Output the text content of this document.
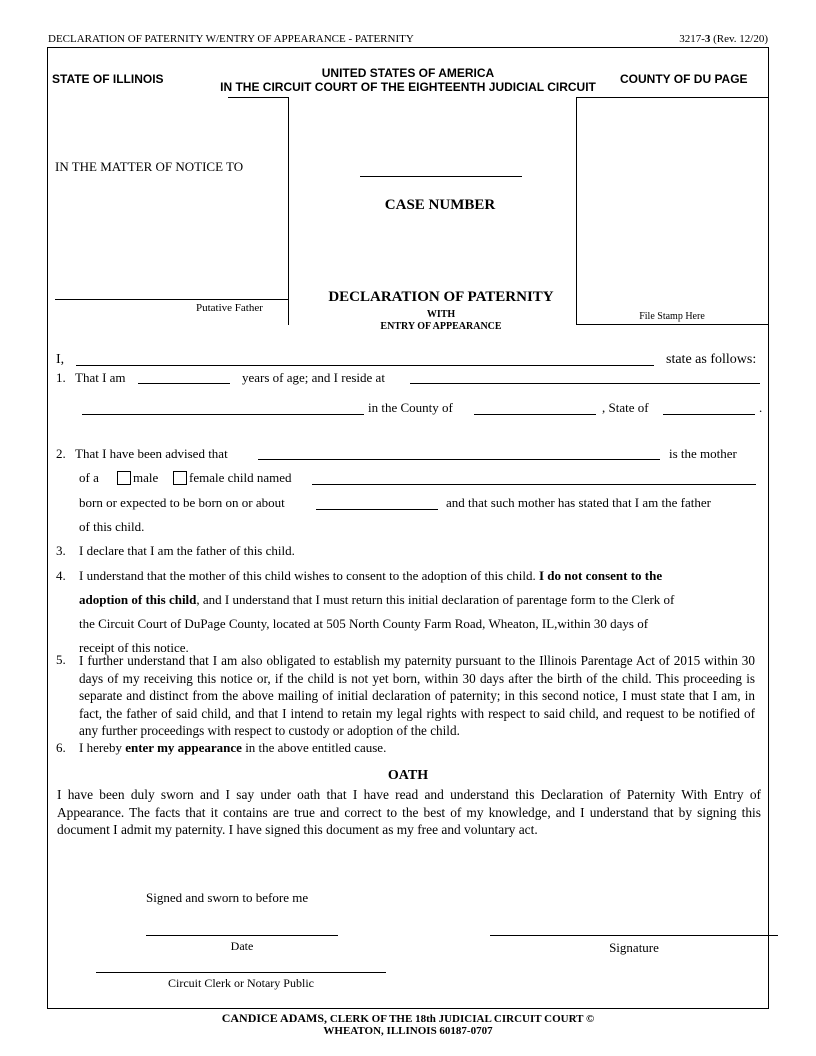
DECLARATION OF PATERNITY W/ENTRY OF APPEARANCE - PATERNITY	3217-3 (Rev. 12/20)
STATE OF ILLINOIS	UNITED STATES OF AMERICA
IN THE CIRCUIT COURT OF THE EIGHTEENTH JUDICIAL CIRCUIT
COUNTY OF DU PAGE
IN THE MATTER OF NOTICE TO
Putative Father
CASE NUMBER
DECLARATION OF PATERNITY
WITH
ENTRY OF APPEARANCE
File Stamp Here
I,	state as follows:
1. That I am	years of age; and I reside at
in the County of	, State of	.
2. That I have been advised that	is the mother
of a	male female child named
born or expected to be born on or about	and that such mother has stated that I am the father
of this child.
3. I declare that I am the father of this child.
4. I understand that the mother of this child wishes to consent to the adoption of this child. I do not consent to the
adoption of this child, and I understand that I must return this initial declaration of parentage form to the Clerk of
the Circuit Court of DuPage County, located at 505 North County Farm Road, Wheaton, IL,within 30 days of
receipt of this notice.
5. I further understand that I am also obligated to establish my paternity pursuant to the Illinois Parentage Act of 2015 within 30 days of my receiving this notice or, if the child is not yet born, within 30 days after the birth of the child. This proceeding is separate and distinct from the above mailing of initial declaration of paternity; in this second notice, I must state that I am, in fact, the father of said child, and that I intend to retain my legal rights with respect to said child, and request to be notified of any further proceedings with respect to custody or adoption of the child.
6. I hereby enter my appearance in the above entitled cause.
OATH
I have been duly sworn and I say under oath that I have read and understand this Declaration of Paternity With Entry of Appearance. The facts that it contains are true and correct to the best of my knowledge, and I understand that by signing this document I admit my paternity. I have signed this document as my free and voluntary act.
Signed and sworn to before me
Date	Signature
Circuit Clerk or Notary Public
CANDICE ADAMS, CLERK OF THE 18th JUDICIAL CIRCUIT COURT ©
WHEATON, ILLINOIS 60187-0707
